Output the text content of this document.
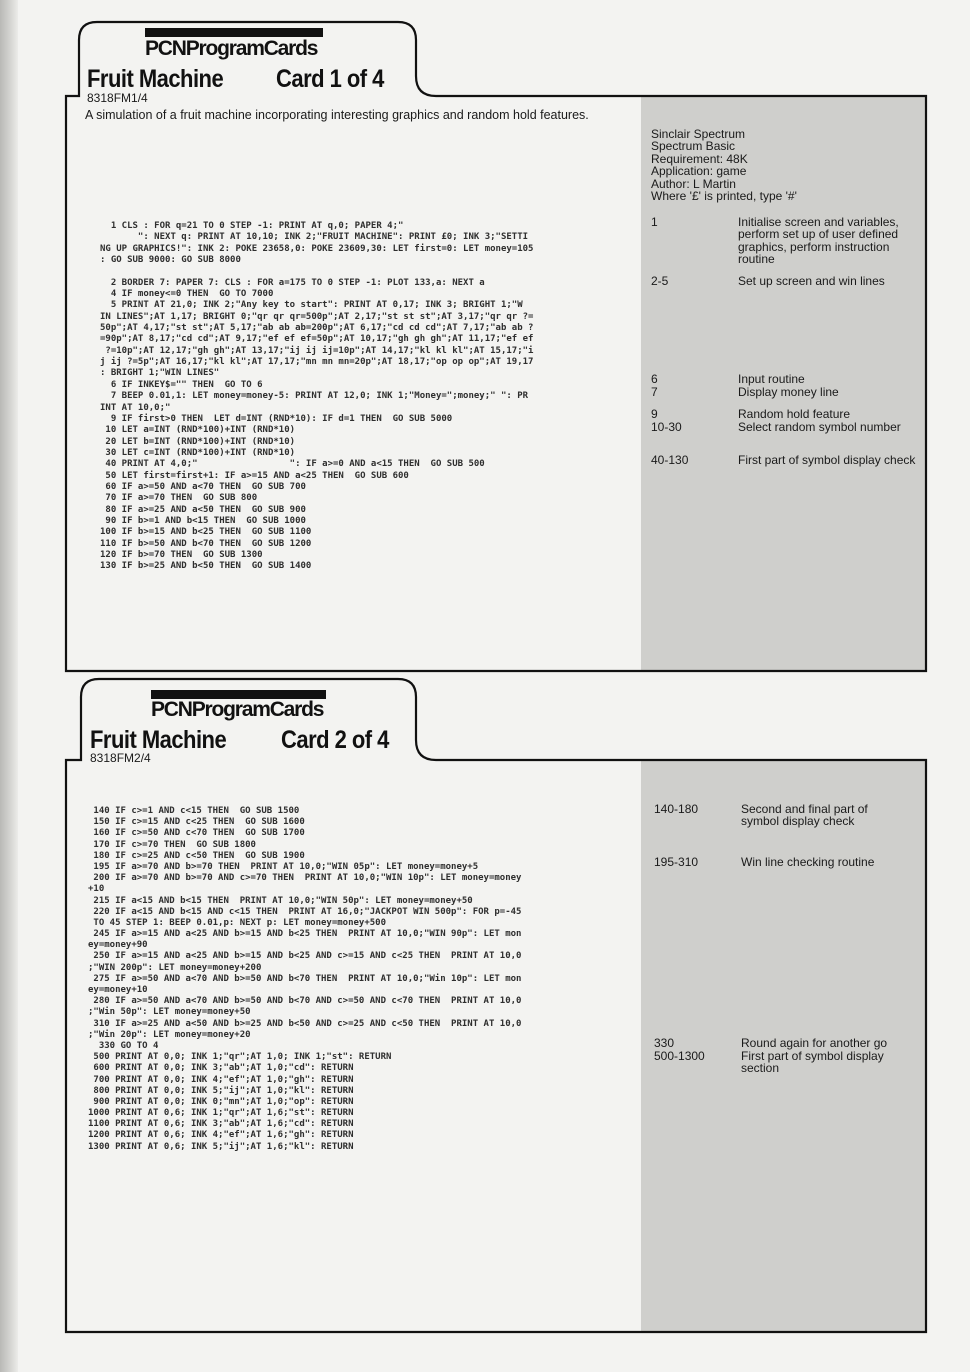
PCNProgramCards
Fruit Machine Card 1 of 4
8318FM1/4
A simulation of a fruit machine incorporating interesting graphics and random hold features.
Sinclair Spectrum
Spectrum Basic
Requirement: 48K
Application: game
Author: L Martin
Where '£' is printed, type '#'
1 CLS : FOR q=21 TO 0 STEP -1: PRINT AT q,0; PAPER 4;"
": NEXT q: PRINT AT 10,10; INK 2;"FRUIT MACHINE": PRINT £0; INK 3;"SETTI
NG UP GRAPHICS!": INK 2: POKE 23658,0: POKE 23609,30: LET first=0: LET money=105
: GO SUB 9000: GO SUB 8000
2 BORDER 7: PAPER 7: CLS : FOR a=175 TO 0 STEP -1: PLOT 133,a: NEXT a
4 IF money<=0 THEN  GO TO 7000
5 PRINT AT 21,0; INK 2;"Any key to start": PRINT AT 0,17; INK 3; BRIGHT 1;"W
IN LINES";AT 1,17; BRIGHT 0;"qr qr qr=500p";AT 2,17;"st st st";AT 3,17;"qr qr ?=
50p";AT 4,17;"st st";AT 5,17;"ab ab ab=200p";AT 6,17;"cd cd cd";AT 7,17;"ab ab ?
=90p";AT 8,17;"cd cd";AT 9,17;"ef ef ef=50p";AT 10,17;"gh gh gh";AT 11,17;"ef ef
?=10p";AT 12,17;"gh gh";AT 13,17;"ij ij ij=10p";AT 14,17;"kl kl kl";AT 15,17;"i
j ij ?=5p";AT 16,17;"kl kl";AT 17,17;"mn mn mn=20p";AT 18,17;"op op op";AT 19,17
: BRIGHT 1;"WIN LINES"
6 IF INKEY$="" THEN  GO TO 6
7 BEEP 0.01,1: LET money=money-5: PRINT AT 12,0; INK 1;"Money=";money;" ": PR
INT AT 10,0;"
9 IF first>0 THEN  LET d=INT (RND*10): IF d=1 THEN  GO SUB 5000
10 LET a=INT (RND*100)+INT (RND*10)
20 LET b=INT (RND*100)+INT (RND*10)
30 LET c=INT (RND*100)+INT (RND*10)
40 PRINT AT 4,0;"                 ": IF a>=0 AND a<15 THEN  GO SUB 500
50 LET first=first+1: IF a>=15 AND a<25 THEN  GO SUB 600
60 IF a>=50 AND a<70 THEN  GO SUB 700
70 IF a>=70 THEN  GO SUB 800
80 IF a>=25 AND a<50 THEN  GO SUB 900
90 IF b>=1 AND b<15 THEN  GO SUB 1000
100 IF b>=15 AND b<25 THEN  GO SUB 1100
110 IF b>=50 AND b<70 THEN  GO SUB 1200
120 IF b>=70 THEN  GO SUB 1300
130 IF b>=25 AND b<50 THEN  GO SUB 1400
1	Initialise screen and variables, perform set up of user defined graphics, perform instruction routine
2-5	Set up screen and win lines
6	Input routine
7	Display money line
9	Random hold feature
10-30	Select random symbol number
40-130	First part of symbol display check
PCNProgramCards
Fruit Machine Card 2 of 4
8318FM2/4
140 IF c>=1 AND c<15 THEN  GO SUB 1500
150 IF c>=15 AND c<25 THEN  GO SUB 1600
160 IF c>=50 AND c<70 THEN  GO SUB 1700
170 IF c>=70 THEN  GO SUB 1800
180 IF c>=25 AND c<50 THEN  GO SUB 1900
195 IF a>=70 AND b>=70 THEN  PRINT AT 10,0;"WIN 05p": LET money=money+5
200 IF a>=70 AND b>=70 AND c>=70 THEN  PRINT AT 10,0;"WIN 10p": LET money=money
+10
215 IF a<15 AND b<15 THEN  PRINT AT 10,0;"WIN 50p": LET money=money+50
220 IF a<15 AND b<15 AND c<15 THEN  PRINT AT 16,0;"JACKPOT WIN 500p": FOR p=-45
TO 45 STEP 1: BEEP 0.01,p: NEXT p: LET money=money+500
245 IF a>=15 AND a<25 AND b>=15 AND b<25 THEN  PRINT AT 10,0;"WIN 90p": LET mon
ey=money+90
250 IF a>=15 AND a<25 AND b>=15 AND b<25 AND c>=15 AND c<25 THEN  PRINT AT 10,0
;"WIN 200p": LET money=money+200
275 IF a>=50 AND a<70 AND b>=50 AND b<70 THEN  PRINT AT 10,0;"Win 10p": LET mon
ey=money+10
280 IF a>=50 AND a<70 AND b>=50 AND b<70 AND c>=50 AND c<70 THEN  PRINT AT 10,0
;"Win 50p": LET money=money+50
310 IF a>=25 AND a<50 AND b>=25 AND b<50 AND c>=25 AND c<50 THEN  PRINT AT 10,0
;"Win 20p": LET money=money+20
330 GO TO 4
500 PRINT AT 0,0; INK 1;"qr";AT 1,0; INK 1;"st": RETURN
600 PRINT AT 0,0; INK 3;"ab";AT 1,0;"cd": RETURN
700 PRINT AT 0,0; INK 4;"ef";AT 1,0;"gh": RETURN
800 PRINT AT 0,0; INK 5;"ij";AT 1,0;"kl": RETURN
900 PRINT AT 0,0; INK 0;"mn";AT 1,0;"op": RETURN
1000 PRINT AT 0,6; INK 1;"qr";AT 1,6;"st": RETURN
1100 PRINT AT 0,6; INK 3;"ab";AT 1,6;"cd": RETURN
1200 PRINT AT 0,6; INK 4;"ef";AT 1,6;"gh": RETURN
1300 PRINT AT 0,6; INK 5;"ij";AT 1,6;"kl": RETURN
140-180	Second and final part of symbol display check
195-310	Win line checking routine
330	Round again for another go
500-1300	First part of symbol display section
